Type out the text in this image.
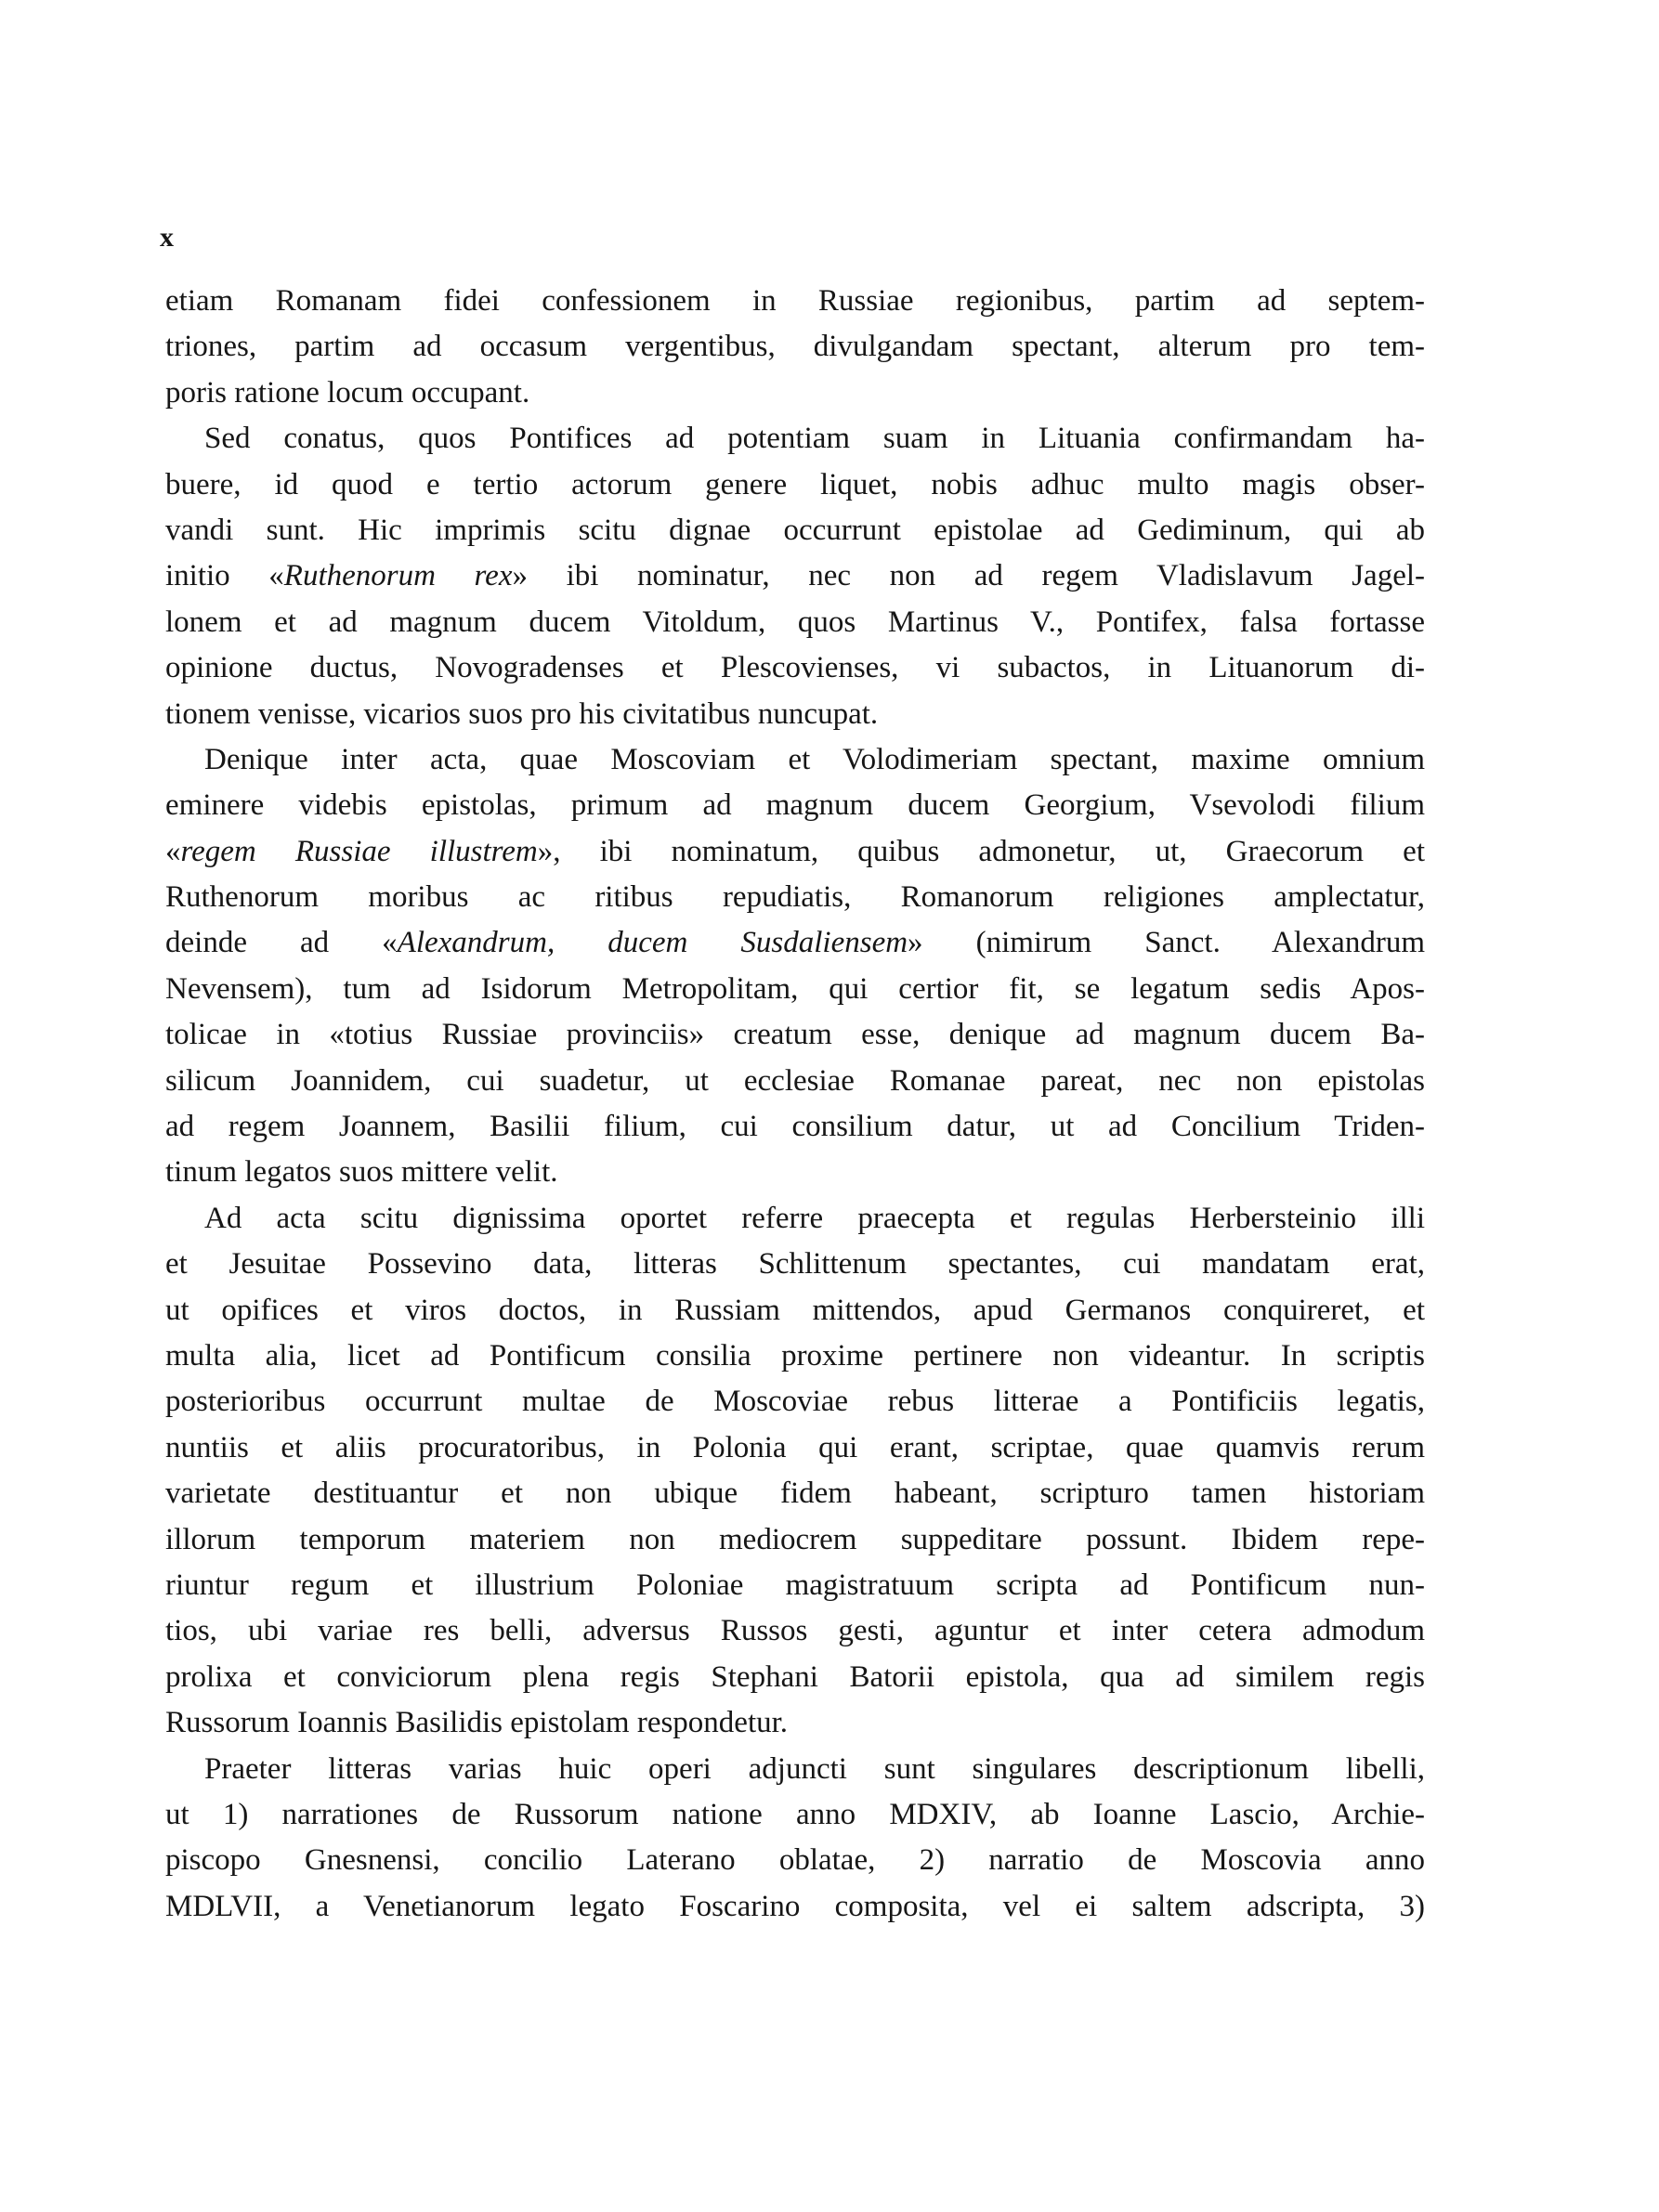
x
etiam Romanam fidei confessionem in Russiae regionibus, partim ad septem-
triones, partim ad occasum vergentibus, divulgandam spectant, alterum pro tem-
poris ratione locum occupant.
Sed conatus, quos Pontifices ad potentiam suam in Lituania confirmandam ha-
buere, id quod e tertio actorum genere liquet, nobis adhuc multo magis obser-
vandi sunt. Hic imprimis scitu dignae occurrunt epistolae ad Gediminum, qui ab
initio «Ruthenorum rex» ibi nominatur, nec non ad regem Vladislavum Jagel-
lonem et ad magnum ducem Vitoldum, quos Martinus V., Pontifex, falsa fortasse
opinione ductus, Novogradenses et Plescovienses, vi subactos, in Lituanorum di-
tionem venisse, vicarios suos pro his civitatibus nuncupat.
Denique inter acta, quae Moscoviam et Volodimeriam spectant, maxime omnium
eminere videbis epistolas, primum ad magnum ducem Georgium, Vsevolodi filium
«regem Russiae illustrem», ibi nominatum, quibus admonetur, ut, Graecorum et
Ruthenorum moribus ac ritibus repudiatis, Romanorum religiones amplectatur,
deinde ad «Alexandrum, ducem Susdaliensem» (nimirum Sanct. Alexandrum
Nevensem), tum ad Isidorum Metropolitam, qui certior fit, se legatum sedis Apos-
tolicae in «totius Russiae provinciis» creatum esse, denique ad magnum ducem Ba-
silicum Joannidem, cui suadetur, ut ecclesiae Romanae pareat, nec non epistolas
ad regem Joannem, Basilii filium, cui consilium datur, ut ad Concilium Triden-
tinum legatos suos mittere velit.
Ad acta scitu dignissima oportet referre praecepta et regulas Herbersteinio illi
et Jesuitae Possevino data, litteras Schlittenum spectantes, cui mandatam erat,
ut opifices et viros doctos, in Russiam mittendos, apud Germanos conquireret, et
multa alia, licet ad Pontificum consilia proxime pertinere non videantur. In scriptis
posterioribus occurrunt multae de Moscoviae rebus litterae a Pontificiis legatis,
nuntiis et aliis procuratoribus, in Polonia qui erant, scriptae, quae quamvis rerum
varietate destituantur et non ubique fidem habeant, scripturo tamen historiam
illorum temporum materiem non mediocrem suppeditare possunt. Ibidem repe-
riuntur regum et illustrium Poloniae magistratuum scripta ad Pontificum nun-
tios, ubi variae res belli, adversus Russos gesti, aguntur et inter cetera admodum
prolixa et conviciorum plena regis Stephani Batorii epistola, qua ad similem regis
Russorum Ioannis Basilidis epistolam respondetur.
Praeter litteras varias huic operi adjuncti sunt singulares descriptionum libelli,
ut 1) narrationes de Russorum natione anno MDXIV, ab Ioanne Lascio, Archie-
piscopo Gnesnensi, concilio Laterano oblatae, 2) narratio de Moscovia anno
MDLVII, a Venetianorum legato Foscarino composita, vel ei saltem adscripta, 3)
